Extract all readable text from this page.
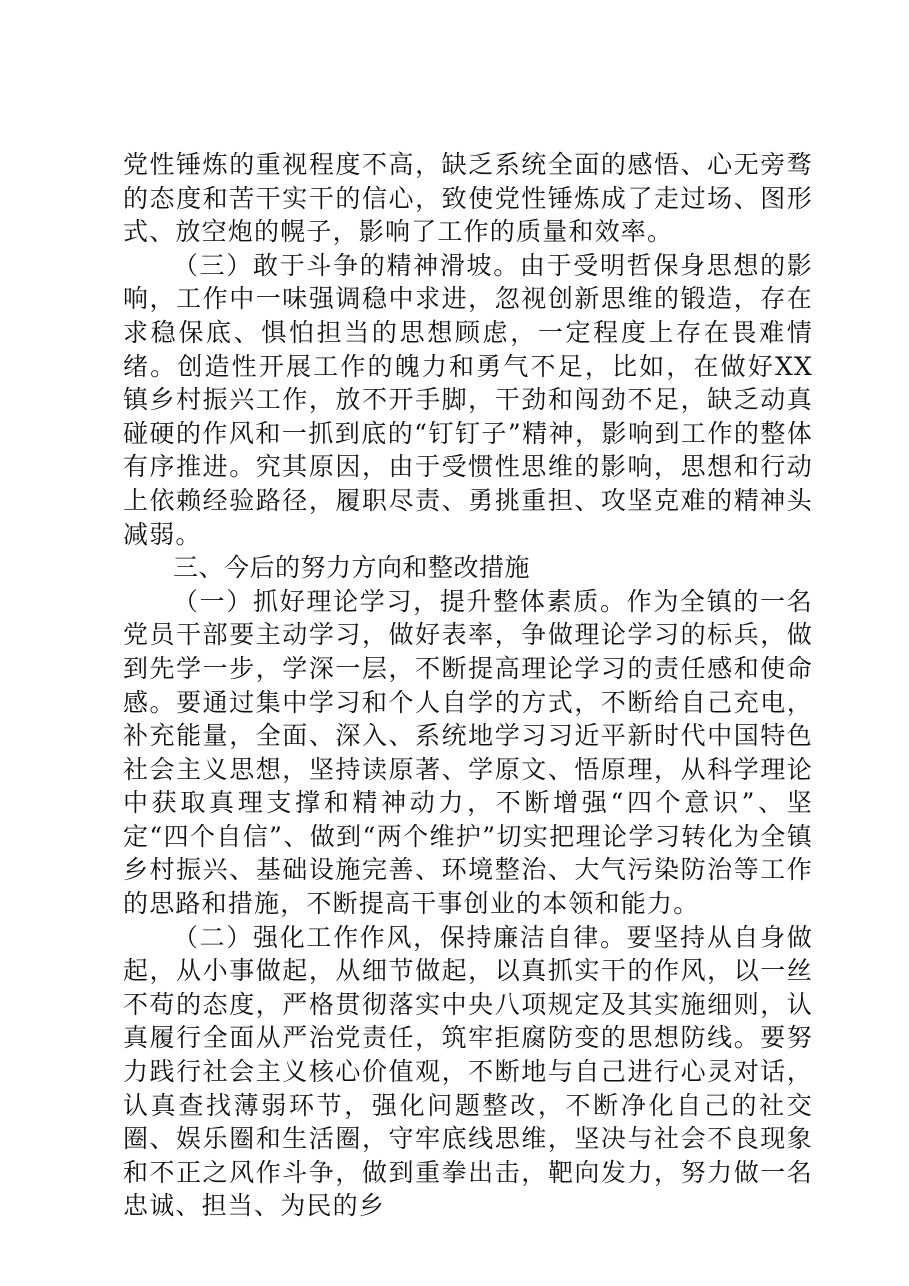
党性锤炼的重视程度不高，缺乏系统全面的感悟、心无旁骛的态度和苦干实干的信心，致使党性锤炼成了走过场、图形式、放空炮的幌子，影响了工作的质量和效率。

（三）敢于斗争的精神滑坡。由于受明哲保身思想的影响，工作中一味强调稳中求进，忽视创新思维的锻造，存在求稳保底、惧怕担当的思想顾虑，一定程度上存在畏难情绪。创造性开展工作的魄力和勇气不足，比如，在做好XX镇乡村振兴工作，放不开手脚，干劲和闯劲不足，缺乏动真碰硬的作风和一抓到底的“钉钉子”精神，影响到工作的整体有序推进。究其原因，由于受惯性思维的影响，思想和行动上依赖经验路径，履职尽责、勇挑重担、攻坚克难的精神头减弱。

三、今后的努力方向和整改措施

（一）抓好理论学习，提升整体素质。作为全镇的一名党员干部要主动学习，做好表率，争做理论学习的标兵，做到先学一步，学深一层，不断提高理论学习的责任感和使命感。要通过集中学习和个人自学的方式，不断给自己充电，补充能量，全面、深入、系统地学习习近平新时代中国特色社会主义思想，坚持读原著、学原文、悟原理，从科学理论中获取真理支撑和精神动力，不断增强“四个意识”、坚定“四个自信”、做到“两个维护”切实把理论学习转化为全镇乡村振兴、基础设施完善、环境整治、大气污染防治等工作的思路和措施，不断提高干事创业的本领和能力。

（二）强化工作作风，保持廉洁自律。要坚持从自身做起，从小事做起，从细节做起，以真抓实干的作风，以一丝不苟的态度，严格贯彻落实中央八项规定及其实施细则，认真履行全面从严治党责任，筑牢拒腐防变的思想防线。要努力践行社会主义核心价值观，不断地与自己进行心灵对话，认真查找薄弱环节，强化问题整改，不断净化自己的社交圈、娱乐圈和生活圈，守牢底线思维，坚决与社会不良现象和不正之风作斗争，做到重拳出击，靶向发力，努力做一名忠诚、担当、为民的乡
